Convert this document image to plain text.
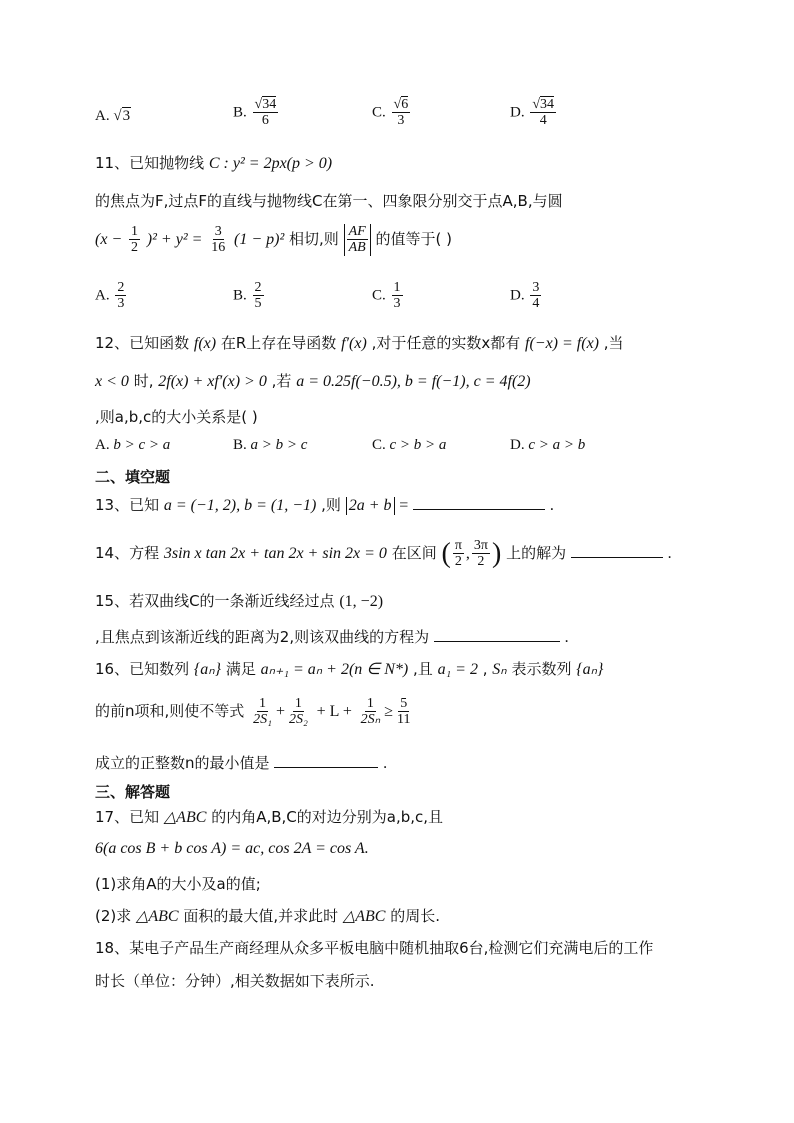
A. √3	B. $\frac{√34}{6}$	C. $\frac{√6}{3}$	D. $\frac{√34}{4}$
11、已知抛物线 C : y² = 2px(p > 0)
的焦点为F,过点F的直线与抛物线C在第一、四象限分别交于点A,B,与圆
$(x - \frac{1}{2} )^2 + y^2 = \frac{3}{16} (1 - p)^2$ 相切,则 $\frac{AF}{AB}$ 的值等于( )
A. $\frac{2}{3}$	B. $\frac{2}{5}$	C. $\frac{1}{3}$	D. $\frac{3}{4}$
12、已知函数 f(x) 在R上存在导函数 f′(x) ,对于任意的实数x都有 f(−x) = f(x) ,当
x < 0 时, 2f(x) + xf′(x) > 0 ,若 a = 0.25f(−0.5), b = f(−1), c = 4f(2)
,则a,b,c的大小关系是( )
A. b > c > a	B. a > b > c	C. c > b > a	D. c > a > b
二、填空题
13、已知 a = (−1, 2), b = (1, −1) ,则 2a + b =	.
14、方程 3sin x tan 2x + tan 2x + sin 2x = 0 在区间 ( $\frac{\pi}{2}$ , $\frac{3\pi}{2}$ ) 上的解为	.
15、若双曲线C的一条渐近线经过点 (1, −2)
,且焦点到该渐近线的距离为2,则该双曲线的方程为	.
16、已知数列 {aₙ} 满足 aₙ₊₁ = aₙ + 2(n ∈ N*) ,且 a₁ = 2 , Sₙ 表示数列 {aₙ}
的前n项和,则使不等式 $\frac{1}{\text{2S₁}} + \frac{1}{\text{2S₂}} + L + \frac{1}{\text{2Sₙ}} \ge \frac{5}{11}$
成立的正整数n的最小值是	.
三、解答题
17、已知 △ABC 的内角A,B,C的对边分别为a,b,c,且
6(a cos B + b cos A) = ac, cos 2A = cos A.
(1)求角A的大小及a的值;
(2)求 △ABC 面积的最大值,并求此时 △ABC 的周长.
18、某电子产品生产商经理从众多平板电脑中随机抽取6台,检测它们充满电后的工作
时长（单位：分钟）,相关数据如下表所示.
